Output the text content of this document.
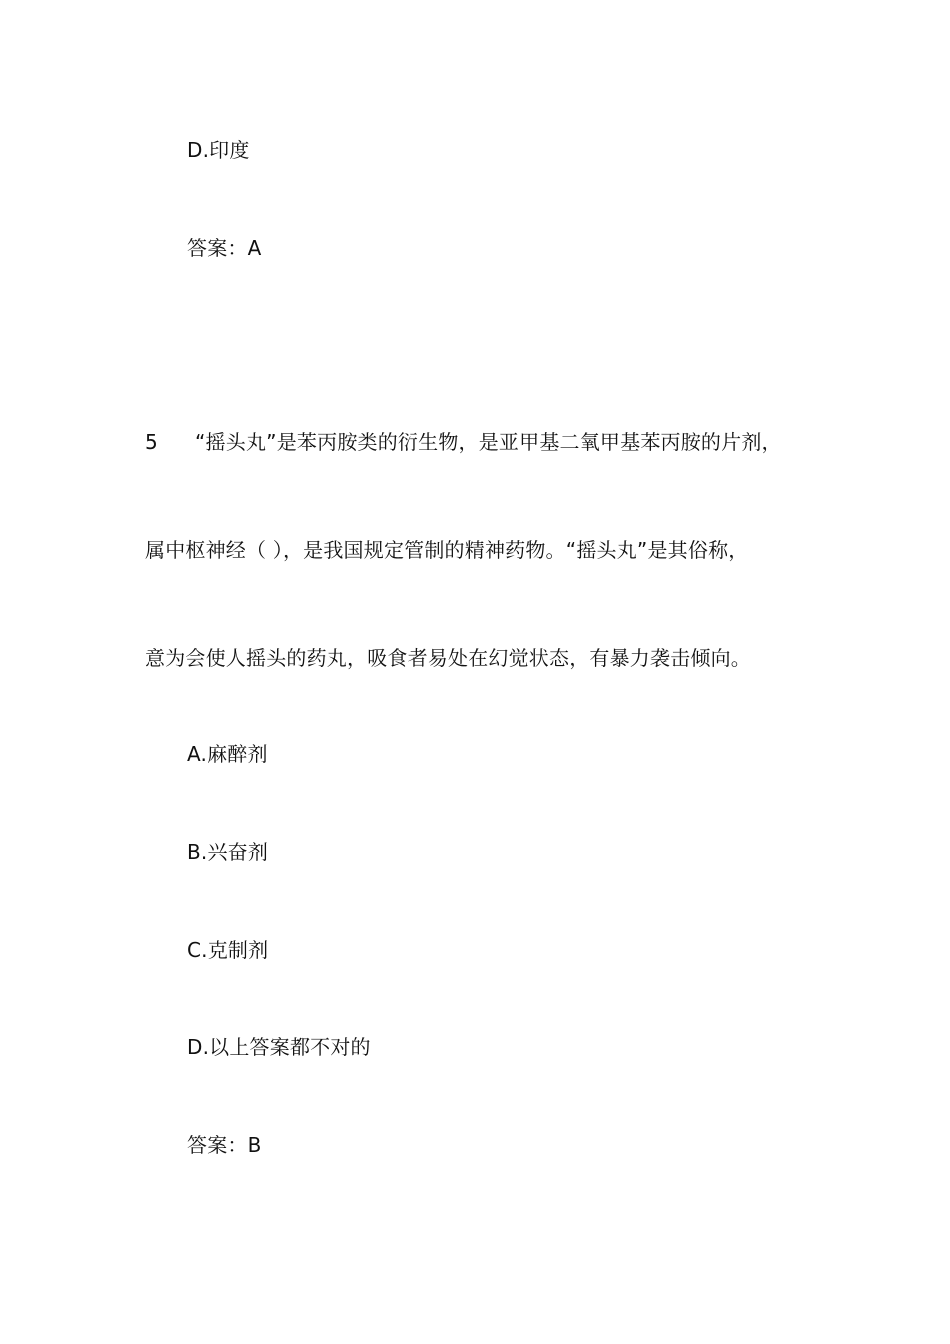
D.印度
答案：A
5 “摇头丸”是苯丙胺类的衍生物，是亚甲基二氧甲基苯丙胺的片剂，
属中枢神经（ ），是我国规定管制的精神药物。“摇头丸”是其俗称，
意为会使人摇头的药丸，吸食者易处在幻觉状态，有暴力袭击倾向。
A.麻醉剂
B.兴奋剂
C.克制剂
D.以上答案都不对的
答案：B
